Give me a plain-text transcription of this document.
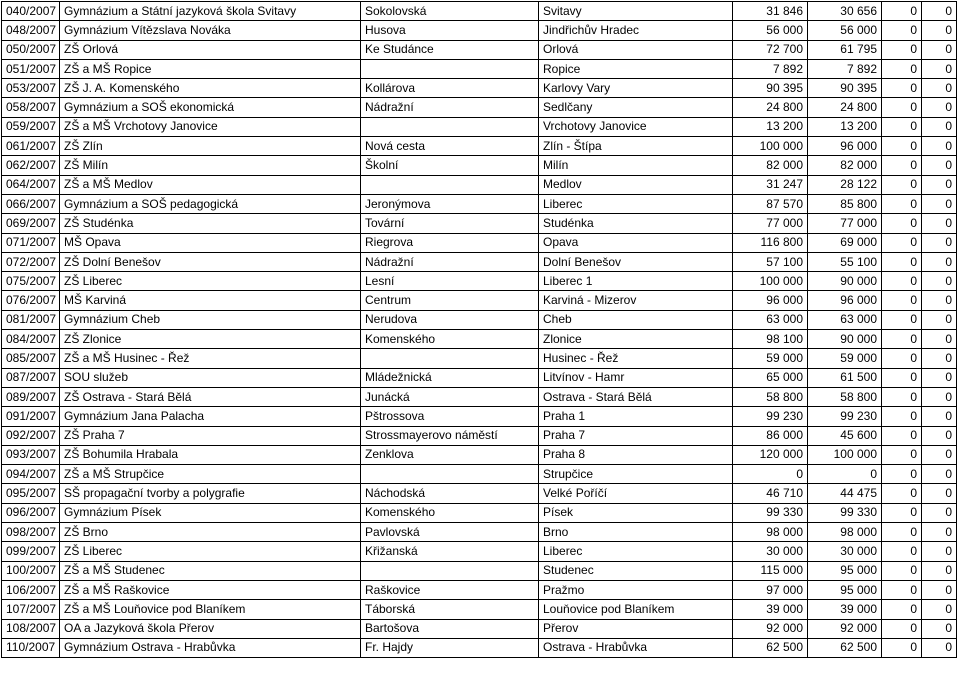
040/2007	Gymnázium a Státní jazyková škola Svitavy	Sokolovská	Svitavy	31 846	30 656	0	0
048/2007	Gymnázium Vítězslava Nováka	Husova	Jindřichův Hradec	56 000	56 000	0	0
050/2007	ZŠ Orlová	Ke Studánce	Orlová	72 700	61 795	0	0
051/2007	ZŠ a MŠ Ropice		Ropice	7 892	7 892	0	0
053/2007	ZŠ J. A. Komenského	Kollárova	Karlovy Vary	90 395	90 395	0	0
058/2007	Gymnázium a SOŠ ekonomická	Nádražní	Sedlčany	24 800	24 800	0	0
059/2007	ZŠ a MŠ Vrchotovy Janovice		Vrchotovy Janovice	13 200	13 200	0	0
061/2007	ZŠ Zlín	Nová cesta	Zlín - Štípa	100 000	96 000	0	0
062/2007	ZŠ Milín	Školní	Milín	82 000	82 000	0	0
064/2007	ZŠ a MŠ Medlov		Medlov	31 247	28 122	0	0
066/2007	Gymnázium a SOŠ pedagogická	Jeronýmova	Liberec	87 570	85 800	0	0
069/2007	ZŠ Studénka	Tovární	Studénka	77 000	77 000	0	0
071/2007	MŠ Opava	Riegrova	Opava	116 800	69 000	0	0
072/2007	ZŠ Dolní Benešov	Nádražní	Dolní Benešov	57 100	55 100	0	0
075/2007	ZŠ Liberec	Lesní	Liberec 1	100 000	90 000	0	0
076/2007	MŠ Karviná	Centrum	Karviná - Mizerov	96 000	96 000	0	0
081/2007	Gymnázium Cheb	Nerudova	Cheb	63 000	63 000	0	0
084/2007	ZŠ Zlonice	Komenského	Zlonice	98 100	90 000	0	0
085/2007	ZŠ a MŠ Husinec - Řež		Husinec - Řež	59 000	59 000	0	0
087/2007	SOU služeb	Mládežnická	Litvínov - Hamr	65 000	61 500	0	0
089/2007	ZŠ Ostrava - Stará Bělá	Junácká	Ostrava - Stará Bělá	58 800	58 800	0	0
091/2007	Gymnázium Jana Palacha	Pštrossova	Praha 1	99 230	99 230	0	0
092/2007	ZŠ Praha 7	Strossmayerovo náměstí	Praha 7	86 000	45 600	0	0
093/2007	ZŠ Bohumila Hrabala	Zenklova	Praha 8	120 000	100 000	0	0
094/2007	ZŠ a MŠ Strupčice		Strupčice	0	0	0	0
095/2007	SŠ propagační tvorby a polygrafie	Náchodská	Velké Poříčí	46 710	44 475	0	0
096/2007	Gymnázium Písek	Komenského	Písek	99 330	99 330	0	0
098/2007	ZŠ Brno	Pavlovská	Brno	98 000	98 000	0	0
099/2007	ZŠ Liberec	Křižanská	Liberec	30 000	30 000	0	0
100/2007	ZŠ a MŠ Studenec		Studenec	115 000	95 000	0	0
106/2007	ZŠ a MŠ Raškovice	Raškovice	Pražmo	97 000	95 000	0	0
107/2007	ZŠ a MŠ Louňovice pod Blaníkem	Táborská	Louňovice pod Blaníkem	39 000	39 000	0	0
108/2007	OA a Jazyková škola Přerov	Bartošova	Přerov	92 000	92 000	0	0
110/2007	Gymnázium Ostrava - Hrabůvka	Fr. Hajdy	Ostrava - Hrabůvka	62 500	62 500	0	0
